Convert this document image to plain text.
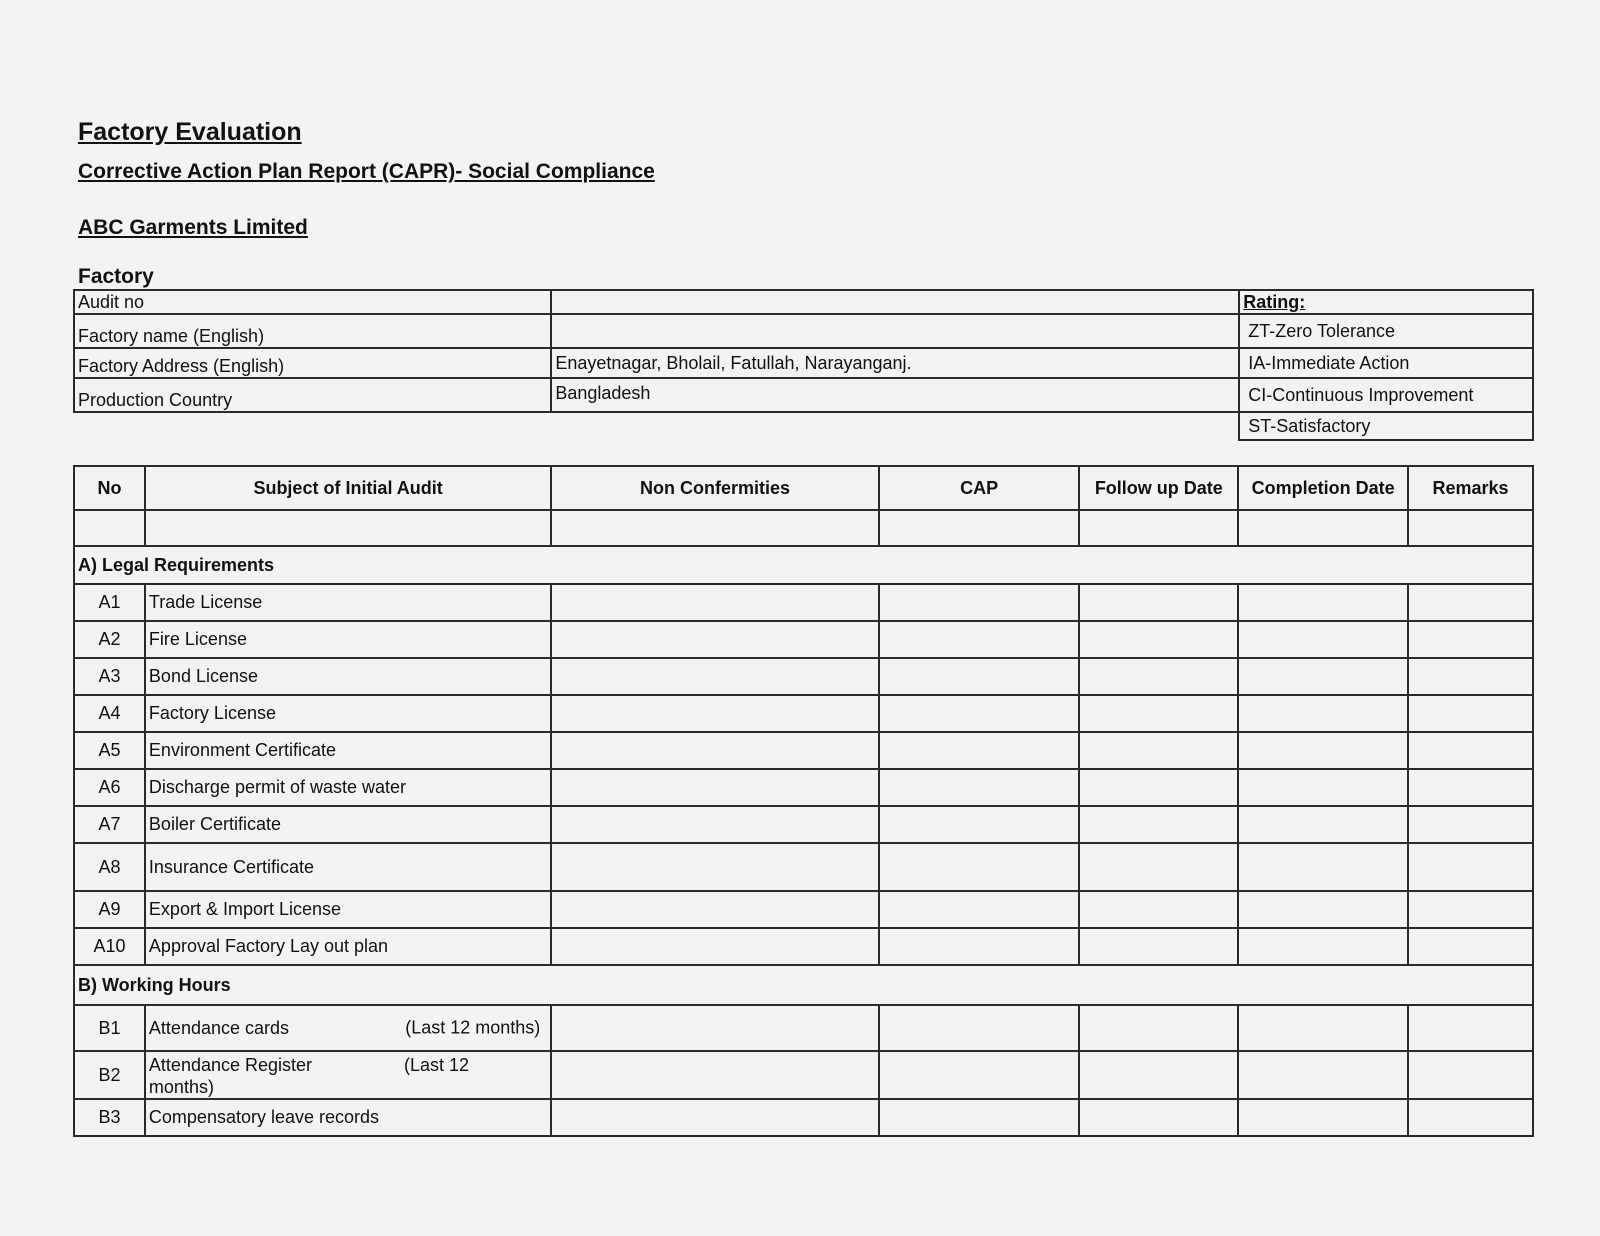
Factory Evaluation
Corrective Action Plan Report (CAPR)- Social Compliance
ABC Garments Limited
Factory
Audit no		Rating:
Factory name (English)		ZT-Zero Tolerance
Factory Address (English)	Enayetnagar, Bholail, Fatullah, Narayanganj.	IA-Immediate Action
Production Country	Bangladesh	CI-Continuous Improvement
		ST-Satisfactory
No	Subject of Initial Audit	Non Confermities	CAP	Follow up Date	Completion Date	Remarks

A) Legal Requirements						
A1	Trade License					
A2	Fire License					
A3	Bond License					
A4	Factory License					
A5	Environment Certificate					
A6	Discharge permit of waste water					
A7	Boiler Certificate					
A8	Insurance Certificate					
A9	Export & Import License					
A10	Approval Factory Lay out plan					
B) Working Hours						
B1	Attendance cards (Last 12 months)					

B2	Attendance Register (Last 12
months)					
B3	Compensatory leave records					
